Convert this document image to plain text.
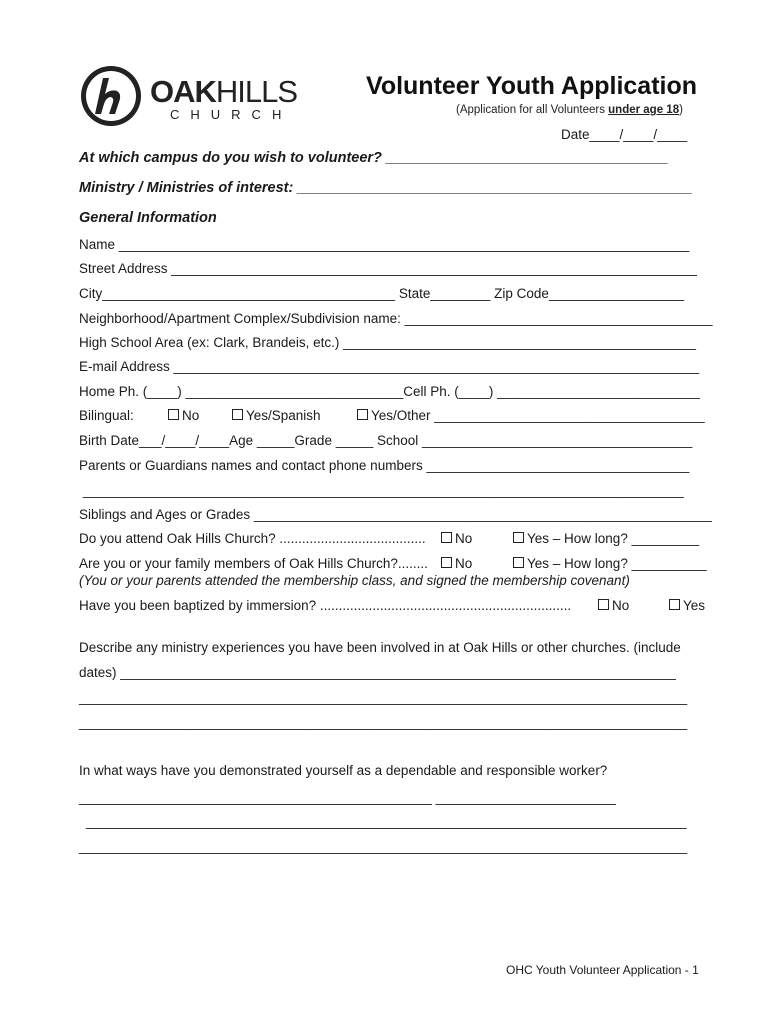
OAKHILLS
CHURCH
Volunteer Youth Application
(Application for all Volunteers under age 18)
Date____/____/____
At which campus do you wish to volunteer? ___________________________________
Ministry / Ministries of interest: _________________________________________________
General Information
Name ____________________________________________________________________________
Street Address ______________________________________________________________________
City_______________________________________ State________ Zip Code__________________
Neighborhood/Apartment Complex/Subdivision name: _________________________________________
High School Area (ex: Clark, Brandeis, etc.) _______________________________________________
E-mail Address ______________________________________________________________________
Home Ph. (____) _____________________________Cell Ph. (____) ___________________________
Bilingual:	No	Yes/Spanish	Yes/Other ____________________________________
Birth Date___/____/____Age _____Grade _____ School ____________________________________
Parents or Guardians names and contact phone numbers ___________________________________
________________________________________________________________________________
Siblings and Ages or Grades _____________________________________________________________
Do you attend Oak Hills Church? .......................................	No	Yes – How long? _________
Are you or your family members of Oak Hills Church?........	No	Yes – How long? __________
(You or your parents attended the membership class, and signed the membership covenant)
Have you been baptized by immersion? ...................................................................	No	Yes
Describe any ministry experiences you have been involved in at Oak Hills or other churches. (include
dates) __________________________________________________________________________
_________________________________________________________________________________
_________________________________________________________________________________
In what ways have you demonstrated yourself as a dependable and responsible worker?
_______________________________________________ ________________________
________________________________________________________________________________
_________________________________________________________________________________
OHC Youth Volunteer Application - 1
